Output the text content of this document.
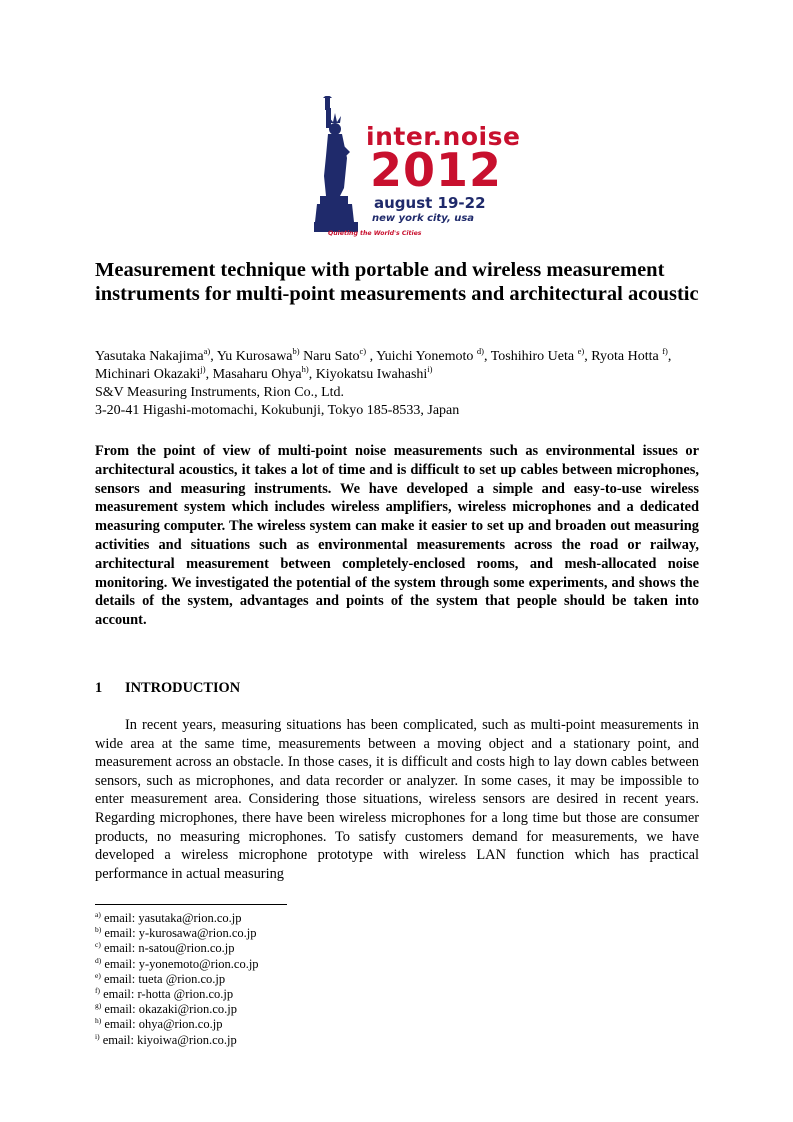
inter.noise
2012
august 19-22
new york city, usa
Quieting the World's Cities
Measurement technique with portable and wireless measurement instruments for multi-point measurements and architectural acoustic
Yasutaka Nakajima$^{a)}$, Yu Kurosawa$^{b)}$ Naru Sato$^{c)}$ , Yuichi Yonemoto $^{d)}$, Toshihiro Ueta $^{e)}$, Ryota Hotta $^{f)}$, Michinari Okazaki$^{j)}$, Masaharu Ohya$^{h)}$, Kiyokatsu Iwahashi$^{i)}$
S&V Measuring Instruments, Rion Co., Ltd.
3-20-41 Higashi-motomachi, Kokubunji, Tokyo 185-8533, Japan

From the point of view of multi-point noise measurements such as environmental issues or architectural acoustics, it takes a lot of time and is difficult to set up cables between microphones, sensors and measuring instruments. We have developed a simple and easy-to-use wireless measurement system which includes wireless amplifiers, wireless microphones and a dedicated measuring computer. The wireless system can make it easier to set up and broaden out measuring activities and situations such as environmental measurements across the road or railway, architectural measurement between completely-enclosed rooms, and mesh-allocated noise monitoring. We investigated the potential of the system through some experiments, and shows the details of the system, advantages and points of the system that people should be taken into account.

1 INTRODUCTION

In recent years, measuring situations has been complicated, such as multi-point measurements in wide area at the same time, measurements between a moving object and a stationary point, and measurement across an obstacle. In those cases, it is difficult and costs high to lay down cables between sensors, such as microphones, and data recorder or analyzer. In some cases, it may be impossible to enter measurement area. Considering those situations, wireless sensors are desired in recent years. Regarding microphones, there have been wireless microphones for a long time but those are consumer products, no measuring microphones. To satisfy customers demand for measurements, we have developed a wireless microphone prototype with wireless LAN function which has practical performance in actual measuring

$^{a)}$ email: yasutaka@rion.co.jp
$^{b)}$ email: y-kurosawa@rion.co.jp
$^{c)}$ email: n-satou@rion.co.jp
$^{d)}$ email: y-yonemoto@rion.co.jp
$^{e)}$ email: tueta @rion.co.jp
$^{f)}$ email: r-hotta @rion.co.jp
$^{g)}$ email: okazaki@rion.co.jp
$^{h)}$ email: ohya@rion.co.jp
$^{i)}$ email: kiyoiwa@rion.co.jp
